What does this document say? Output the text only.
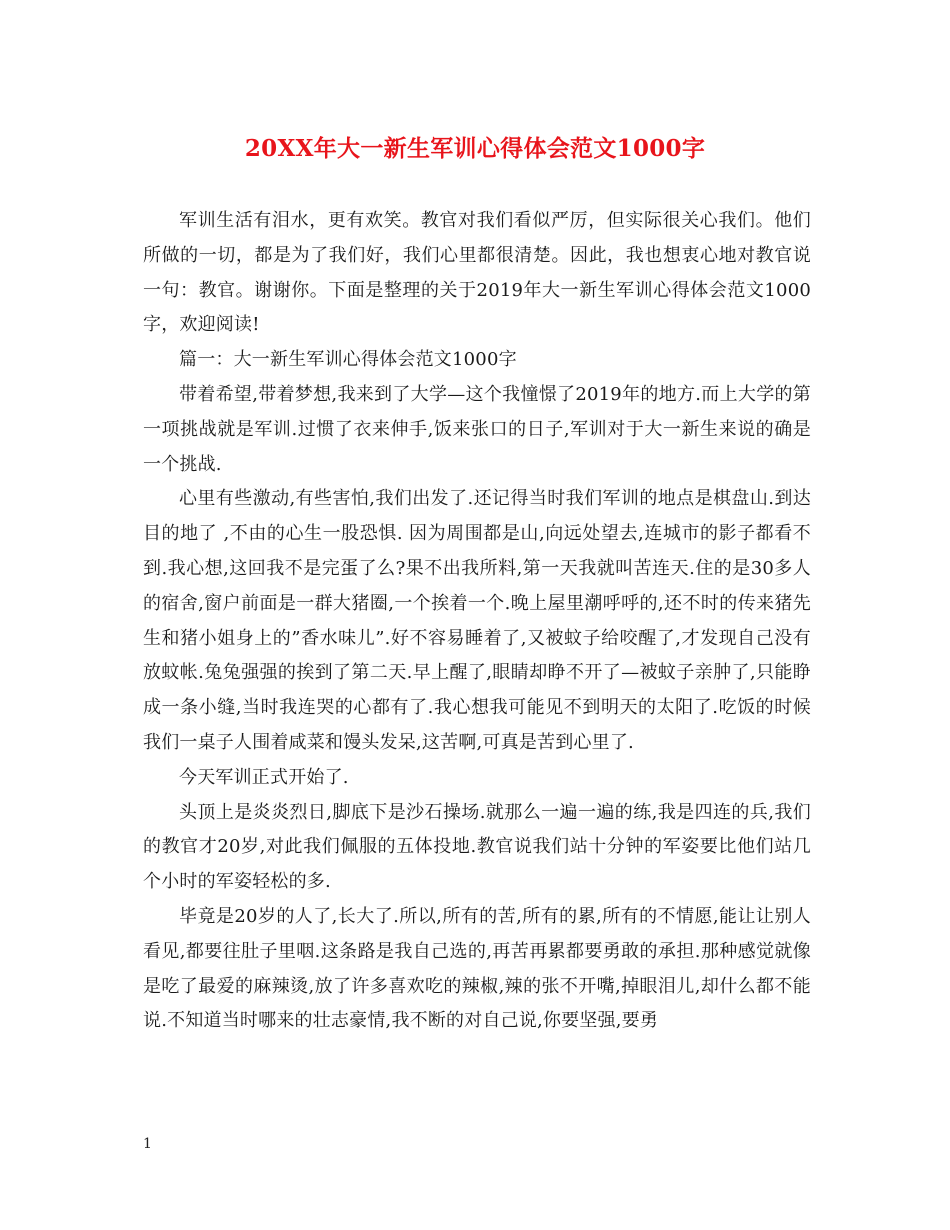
20XX年大一新生军训心得体会范文1000字

军训生活有泪水，更有欢笑。教官对我们看似严厉，但实际很关心我们。他们所做的一切，都是为了我们好，我们心里都很清楚。因此，我也想衷心地对教官说一句：教官。谢谢你。下面是整理的关于2019年大一新生军训心得体会范文1000字，欢迎阅读!

篇一：大一新生军训心得体会范文1000字

带着希望,带着梦想,我来到了大学—这个我憧憬了2019年的地方.而上大学的第一项挑战就是军训.过惯了衣来伸手,饭来张口的日子,军训对于大一新生来说的确是一个挑战.

心里有些激动,有些害怕,我们出发了.还记得当时我们军训的地点是棋盘山.到达目的地了 ,不由的心生一股恐惧. 因为周围都是山,向远处望去,连城市的影子都看不到.我心想,这回我不是完蛋了么?果不出我所料,第一天我就叫苦连天.住的是30多人的宿舍,窗户前面是一群大猪圈,一个挨着一个.晚上屋里潮呼呼的,还不时的传来猪先生和猪小姐身上的”香水味儿”.好不容易睡着了,又被蚊子给咬醒了,才发现自己没有放蚊帐.兔兔强强的挨到了第二天.早上醒了,眼睛却睁不开了—被蚊子亲肿了,只能睁成一条小缝,当时我连哭的心都有了.我心想我可能见不到明天的太阳了.吃饭的时候我们一桌子人围着咸菜和馒头发呆,这苦啊,可真是苦到心里了.

今天军训正式开始了.

头顶上是炎炎烈日,脚底下是沙石操场.就那么一遍一遍的练,我是四连的兵,我们的教官才20岁,对此我们佩服的五体投地.教官说我们站十分钟的军姿要比他们站几个小时的军姿轻松的多.

毕竟是20岁的人了,长大了.所以,所有的苦,所有的累,所有的不情愿,能让让别人看见,都要往肚子里咽.这条路是我自己选的,再苦再累都要勇敢的承担.那种感觉就像是吃了最爱的麻辣烫,放了许多喜欢吃的辣椒,辣的张不开嘴,掉眼泪儿,却什么都不能说.不知道当时哪来的壮志豪情,我不断的对自己说,你要坚强,要勇

1
